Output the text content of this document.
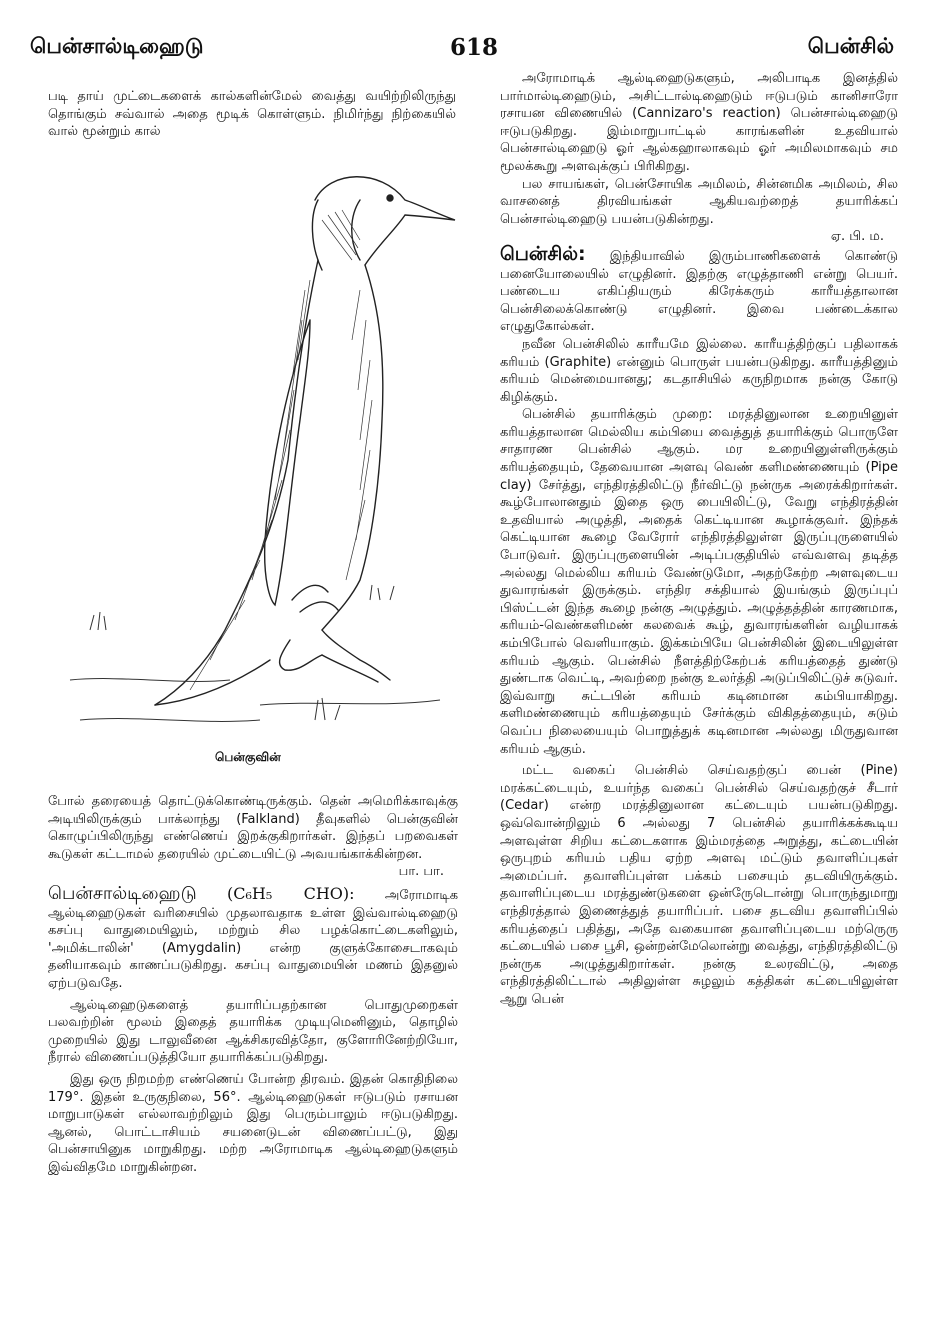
பென்சால்டிஹைடு	618	பென்சில்

படி தாய் முட்டைகளைக் கால்களின்மேல் வைத்து வயிற்றிலிருந்து தொங்கும் சவ்வால் அதை மூடிக் கொள்ளும். நிமிர்ந்து நிற்கையில் வால் மூன்றும் கால்

பென்குவின்

போல் தரையைத் தொட்டுக்கொண்டிருக்கும். தென் அமெரிக்காவுக்கு அடியிலிருக்கும் பாக்லாந்து (Falkland) தீவுகளில் பென்குவின் கொழுப்பிலிருந்து எண்ணெய் இறக்குகிறார்கள். இந்தப் பறவைகள் கூடுகள் கட்டாமல் தரையில் முட்டையிட்டு அவயங்காக்கின்றன.

பா. பா.

பென்சால்டிஹைடு (C₆H₅ CHO): அரோமாடிக ஆல்டிஹைடுகள் வரிசையில் முதலாவதாக உள்ள இவ்வால்டிஹைடு கசப்பு வாதுமையிலும், மற்றும் சில பழக்கொட்டைகளிலும், 'அமிக்டாலின்' (Amygdalin) என்ற குளுக்கோசைடாகவும் தனியாகவும் காணப்படுகிறது. கசப்பு வாதுமையின் மணம் இதனுல் ஏற்படுவதே.

ஆல்டிஹைடுகளைத் தயாரிப்பதற்கான பொதுமுறைகள் பலவற்றின் மூலம் இதைத் தயாரிக்க முடியுமெனினும், தொழில் முறையில் இது டாலுவீனை ஆக்சிகரவித்தோ, குளோரினேற்றியோ, நீரால் விணைப்படுத்தியோ தயாரிக்கப்படுகிறது.

இது ஒரு நிறமற்ற எண்ணெய் போன்ற திரவம். இதன் கொதிநிலை 179°. இதன் உருகுநிலை, 56°. ஆல்டிஹைடுகள் ஈடுபடும் ரசாயன மாறுபாடுகள் எல்லாவற்றிலும் இது பெரும்பாலும் ஈடுபடுகிறது. ஆனல், பொட்டாசியம் சயனைடுடன் விணைப்பட்டு, இது பென்சாயினுக மாறுகிறது. மற்ற அரோமாடிக ஆல்டிஹைடுகளும் இவ்விதமே மாறுகின்றன.

அரோமாடிக் ஆல்டிஹைடுகளும், அலிபாடிக இனத்தில் பார்மால்டிஹைடும், அசிட்டால்டிஹைடும் ஈடுபடும் கானிசாரோ ரசாயன விணையில் (Cannizaro's reaction) பென்சால்டிஹைடு ஈடுபடுகிறது. இம்மாறுபாட்டில் காரங்களின் உதவியால் பென்சால்டிஹைடு ஓர் ஆல்கஹாலாகவும் ஓர் அமிலமாகவும் சம மூலக்கூறு அளவுக்குப் பிரிகிறது.

பல சாயங்கள், பென்சோயிக அமிலம், சின்னமிக அமிலம், சில வாசனைத் திரவியங்கள் ஆகியவற்றைத் தயாரிக்கப் பென்சால்டிஹைடு பயன்படுகின்றது.

ஏ. பி. ம.

பென்சில்: இந்தியாவில் இரும்பாணிகளைக் கொண்டு பனையோலையில் எழுதினர். இதற்கு எழுத்தாணி என்று பெயர். பண்டைய எகிப்தியரும் கிரேக்கரும் காரீயத்தாலான பென்சிலைக்கொண்டு எழுதினர். இவை பண்டைக்கால எழுதுகோல்கள்.

நவீன பென்சிலில் காரீயமே இல்லை. காரீயத்திற்குப் பதிலாகக் கரியம் (Graphite) என்னும் பொருள் பயன்படுகிறது. காரீயத்தினும் கரியம் மென்மையானது; கடதாசியில் கருநிறமாக நன்கு கோடு கிழிக்கும்.

பென்சில் தயாரிக்கும் முறை: மரத்தினுலான உறையினுள் கரியத்தாலான மெல்லிய கம்பியை வைத்துத் தயாரிக்கும் பொருளே சாதாரண பென்சில் ஆகும். மர உறையினுள்ளிருக்கும் கரியத்தையும், தேவையான அளவு வெண் களிமண்ணையும் (Pipe clay) சேர்த்து, எந்திரத்திலிட்டு நீர்விட்டு நன்ருக அரைக்கிறார்கள். கூழ்போலானதும் இதை ஒரு பையிலிட்டு, வேறு எந்திரத்தின் உதவியால் அழுத்தி, அதைக் கெட்டியான கூழாக்குவர். இந்தக் கெட்டியான கூழை வேரோர் எந்திரத்திலுள்ள இருப்புருளையில் போடுவர். இருப்புருளையின் அடிப்பகுதியில் எவ்வளவு தடித்த அல்லது மெல்லிய கரியம் வேண்டுமோ, அதற்கேற்ற அளவுடைய துவாரங்கள் இருக்கும். எந்திர சக்தியால் இயங்கும் இருப்புப் பிஸ்ட்டன் இந்த கூழை நன்கு அழுத்தும். அழுத்தத்தின் காரணமாக, கரியம்-வெண்களிமண் கலவைக் கூழ், துவாரங்களின் வழியாகக் கம்பிபோல் வெளியாகும். இக்கம்பியே பென்சிலின் இடையிலுள்ள கரியம் ஆகும். பென்சில் நீளத்திற்கேற்பக் கரியத்தைத் துண்டு துண்டாக வெட்டி, அவற்றை நன்கு உலர்த்தி அடுப்பிலிட்டுச் சுடுவர். இவ்வாறு சுட்டபின் கரியம் கடினமான கம்பியாகிறது. களிமண்ணையும் கரியத்தையும் சேர்க்கும் விகிதத்தையும், சுடும் வெப்ப நிலையையும் பொறுத்துக் கடினமான அல்லது மிருதுவான கரியம் ஆகும்.

மட்ட வகைப் பென்சில் செய்வதற்குப் பைன் (Pine) மரக்கட்டையும், உயர்ந்த வகைப் பென்சில் செய்வதற்குச் சீடார் (Cedar) என்ற மரத்தினுலான கட்டையும் பயன்படுகிறது. ஒவ்வொன்றிலும் 6 அல்லது 7 பென்சில் தயாரிக்கக்கூடிய அளவுள்ள சிறிய கட்டைகளாக இம்மரத்தை அறுத்து, கட்டையின் ஒருபுறம் கரியம் பதிய ஏற்ற அளவு மட்டும் தவாளிப்புகள் அமைப்பர். தவாளிப்புள்ள பக்கம் பசையும் தடவியிருக்கும். தவாளிப்புடைய மரத்துண்டுகளை ஒன்ருேடொன்று பொருந்துமாறு எந்திரத்தால் இணைத்துத் தயாரிப்பர். பசை தடவிய தவாளிப்பில் கரியத்தைப் பதித்து, அதே வகையான தவாளிப்புடைய மற்ருெரு கட்டையில் பசை பூசி, ஒன்றன்மேலொன்று வைத்து, எந்திரத்திலிட்டு நன்ருக அழுத்துகிறார்கள். நன்கு உலரவிட்டு, அதை எந்திரத்திலிட்டால் அதிலுள்ள சுழலும் கத்திகள் கட்டையிலுள்ள ஆறு பென்
